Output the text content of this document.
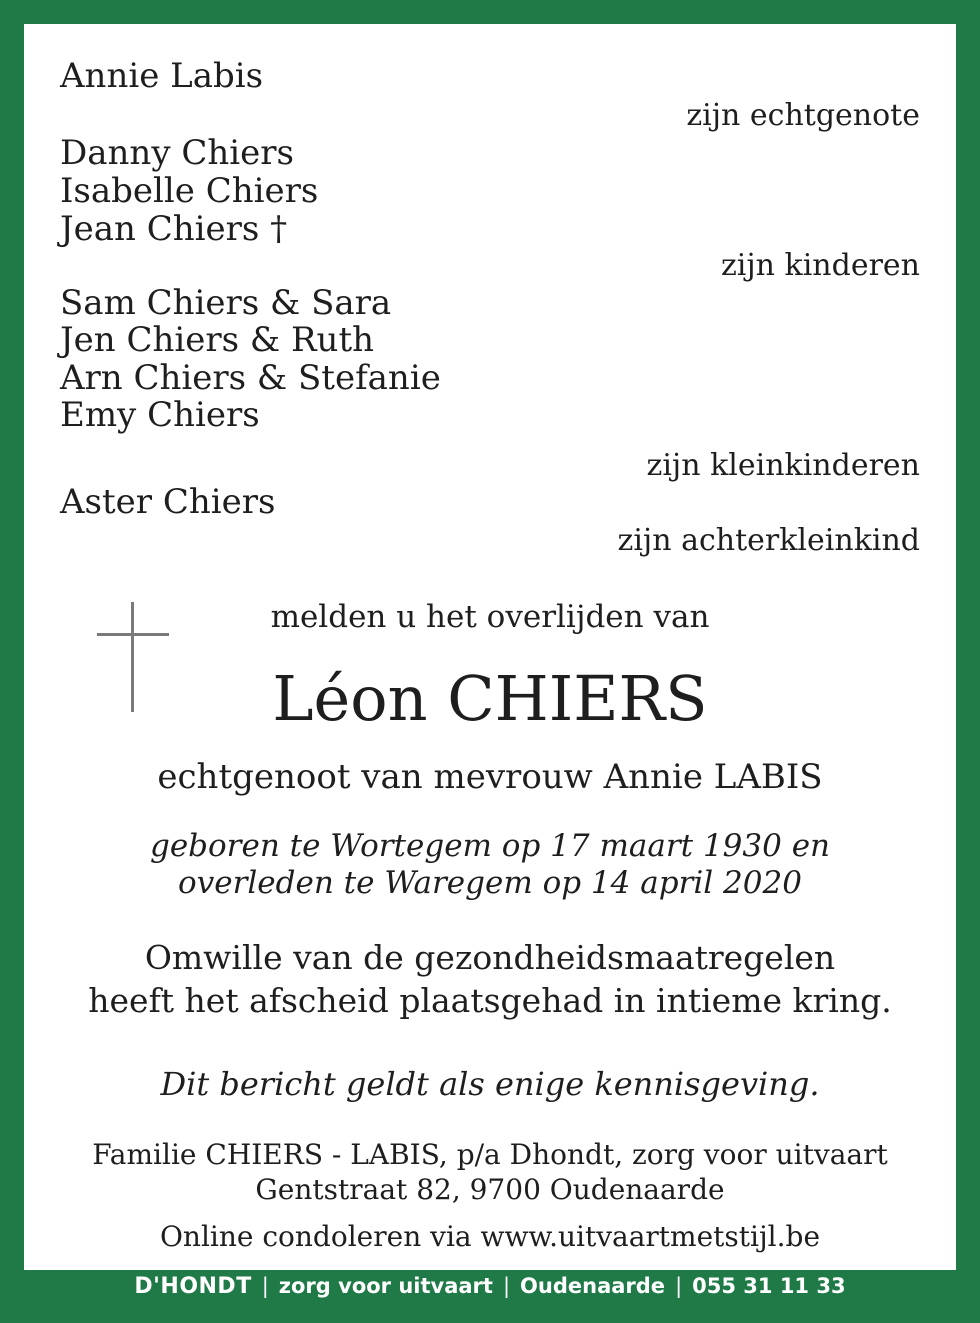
Annie Labis

zijn echtgenote

Danny Chiers

Isabelle Chiers

Jean Chiers †

zijn kinderen

Sam Chiers & Sara

Jen Chiers & Ruth

Arn Chiers & Stefanie

Emy Chiers

zijn kleinkinderen

Aster Chiers

zijn achterkleinkind
melden u het overlijden van
Léon CHIERS
echtgenoot van mevrouw Annie LABIS
geboren te Wortegem op 17 maart 1930 en
overleden te Waregem op 14 april 2020
Omwille van de gezondheidsmaatregelen
heeft het afscheid plaatsgehad in intieme kring.
Dit bericht geldt als enige kennisgeving.
Familie CHIERS - LABIS, p/a Dhondt, zorg voor uitvaart
Gentstraat 82, 9700 Oudenaarde
Online condoleren via www.uitvaartmetstijl.be
D'HONDT | zorg voor uitvaart | Oudenaarde | 055 31 11 33
